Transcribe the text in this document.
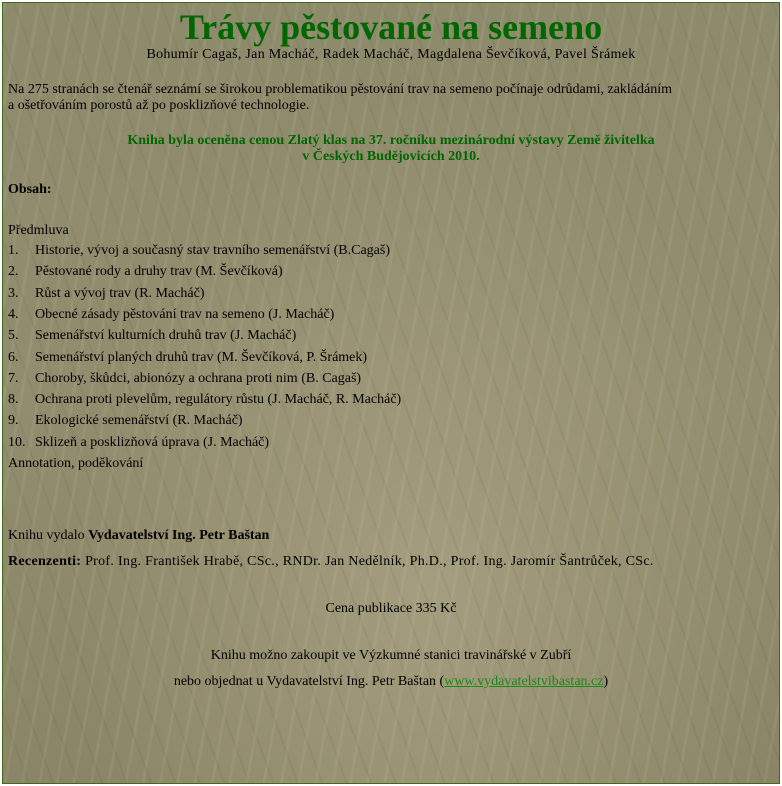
Trávy pěstované na semeno
Bohumír Cagaš, Jan Macháč, Radek Macháč, Magdalena Ševčíková, Pavel Šrámek
Na 275 stranách se čtenář seznámí se širokou problematikou pěstování trav na semeno počínaje odrůdami, zakládáním
a ošetřováním porostů až po posklizňové technologie.
Kniha byla oceněna cenou Zlatý klas na 37. ročníku mezinárodní výstavy Země živitelka
v Českých Budějovicích 2010.
Obsah:
Předmluva
1. Historie, vývoj a současný stav travního semenářství (B.Cagaš)
2. Pěstované rody a druhy trav (M. Ševčíková)
3. Růst a vývoj trav (R. Macháč)
4. Obecné zásady pěstování trav na semeno (J. Macháč)
5. Semenářství kulturních druhů trav (J. Macháč)
6. Semenářství planých druhů trav (M. Ševčíková, P. Šrámek)
7. Choroby, škůdci, abionózy a ochrana proti nim (B. Cagaš)
8. Ochrana proti plevelům, regulátory růstu (J. Macháč, R. Macháč)
9. Ekologické semenářství (R. Macháč)
10. Sklizeň a posklizňová úprava (J. Macháč)
Annotation, poděkování
Knihu vydalo Vydavatelství Ing. Petr Baštan
Recenzenti: Prof. Ing. František Hrabě, CSc., RNDr. Jan Nedělník, Ph.D., Prof. Ing. Jaromír Šantrůček, CSc.
Cena publikace 335 Kč
Knihu možno zakoupit ve Výzkumné stanici travinářské v Zubří
nebo objednat u Vydavatelství Ing. Petr Baštan (www.vydavatelstvibastan.cz)
